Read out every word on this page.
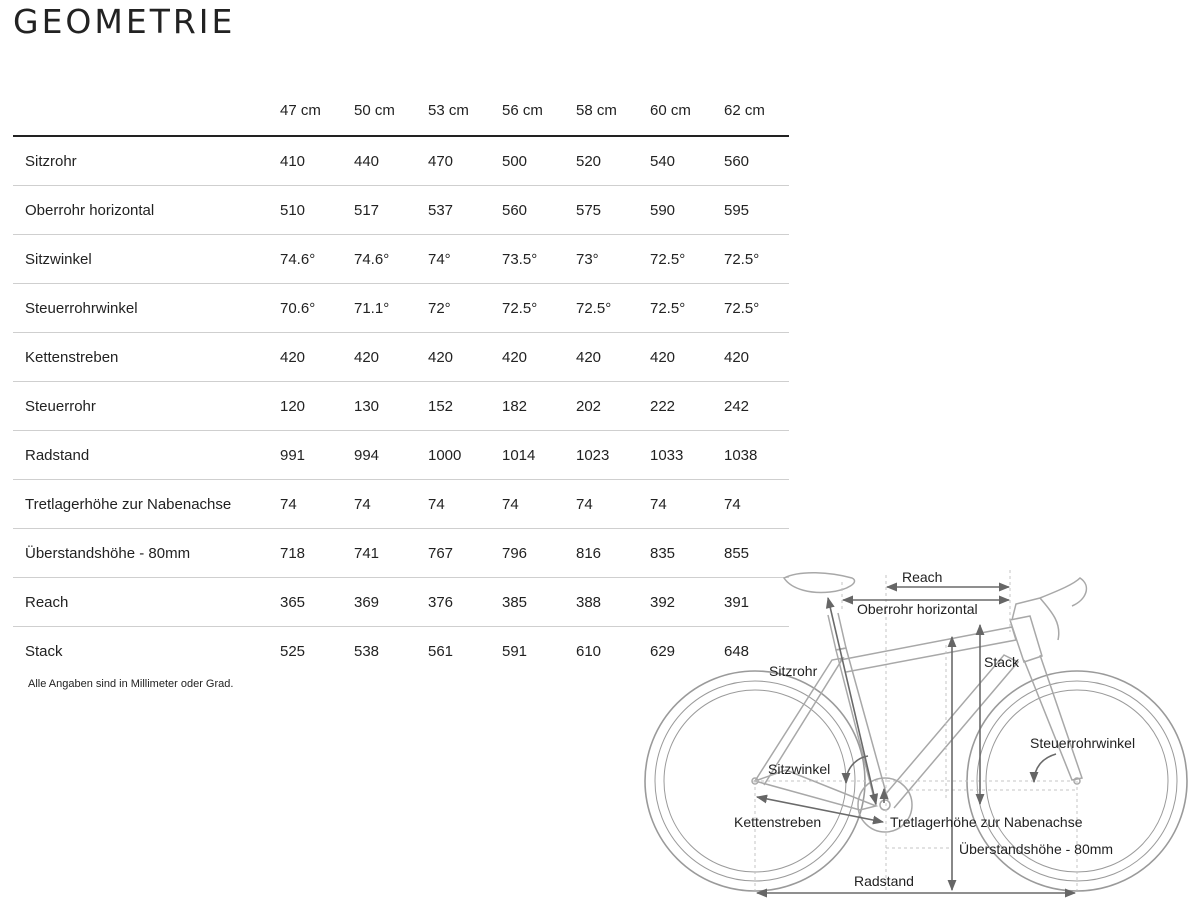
GEOMETRIE
	47 cm	50 cm	53 cm	56 cm	58 cm	60 cm	62 cm
Sitzrohr	410	440	470	500	520	540	560
Oberrohr horizontal	510	517	537	560	575	590	595
Sitzwinkel	74.6°	74.6°	74°	73.5°	73°	72.5°	72.5°
Steuerrohrwinkel	70.6°	71.1°	72°	72.5°	72.5°	72.5°	72.5°
Kettenstreben	420	420	420	420	420	420	420
Steuerrohr	120	130	152	182	202	222	242
Radstand	991	994	1000	1014	1023	1033	1038
Tretlagerhöhe zur Nabenachse	74	74	74	74	74	74	74
Überstandshöhe - 80mm	718	741	767	796	816	835	855
Reach	365	369	376	385	388	392	391
Stack	525	538	561	591	610	629	648
Alle Angaben sind in Millimeter oder Grad.
Reach
Oberrohr horizontal
Stack
Sitzrohr
Steuerrohrwinkel
Sitzwinkel
Kettenstreben	Tretlagerhöhe zur Nabenachse
Überstandshöhe - 80mm
Radstand
